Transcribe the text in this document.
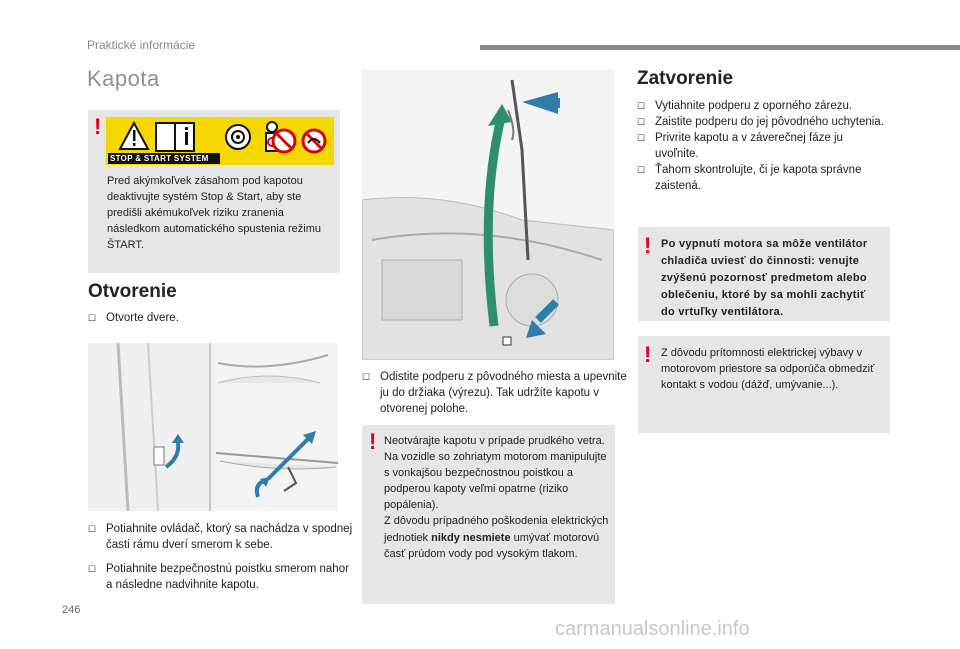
Praktické informácie
Kapota
!
STOP & START SYSTEM
Pred akýmkoľvek zásahom pod kapotou deaktivujte systém Stop & Start, aby ste predišli akémukoľvek riziku zranenia následkom automatického spustenia režimu ŠTART.
Otvorenie
☐ Otvorte dvere.
☐ Potiahnite ovládač, ktorý sa nachádza v spodnej časti rámu dverí smerom k sebe.
☐ Potiahnite bezpečnostnú poistku smerom nahor a následne nadvihnite kapotu.
☐ Odistite podperu z pôvodného miesta a upevnite ju do držiaka (výrezu). Tak udržíte kapotu v otvorenej polohe.
! Neotvárajte kapotu v prípade prudkého vetra.
Na vozidle so zohriatym motorom manipulujte s vonkajšou bezpečnostnou poistkou a podperou kapoty veľmi opatrne (riziko popálenia).
Z dôvodu prípadného poškodenia elektrických jednotiek nikdy nesmiete umývať motorovú časť prúdom vody pod vysokým tlakom.
Zatvorenie
☐ Vytiahnite podperu z oporného zárezu.
☐ Zaistite podperu do jej pôvodného uchytenia.
☐ Privrite kapotu a v záverečnej fáze ju uvoľnite.
☐ Ťahom skontrolujte, či je kapota správne zaistená.
! Po vypnutí motora sa môže ventilátor chladiča uviesť do činnosti: venujte zvýšenú pozornosť predmetom alebo oblečeniu, ktoré by sa mohli zachytiť do vrtuľky ventilátora.
! Z dôvodu prítomnosti elektrickej výbavy v motorovom priestore sa odporúča obmedziť kontakt s vodou (dážď, umývanie...).
246
carmanualsonline.info
